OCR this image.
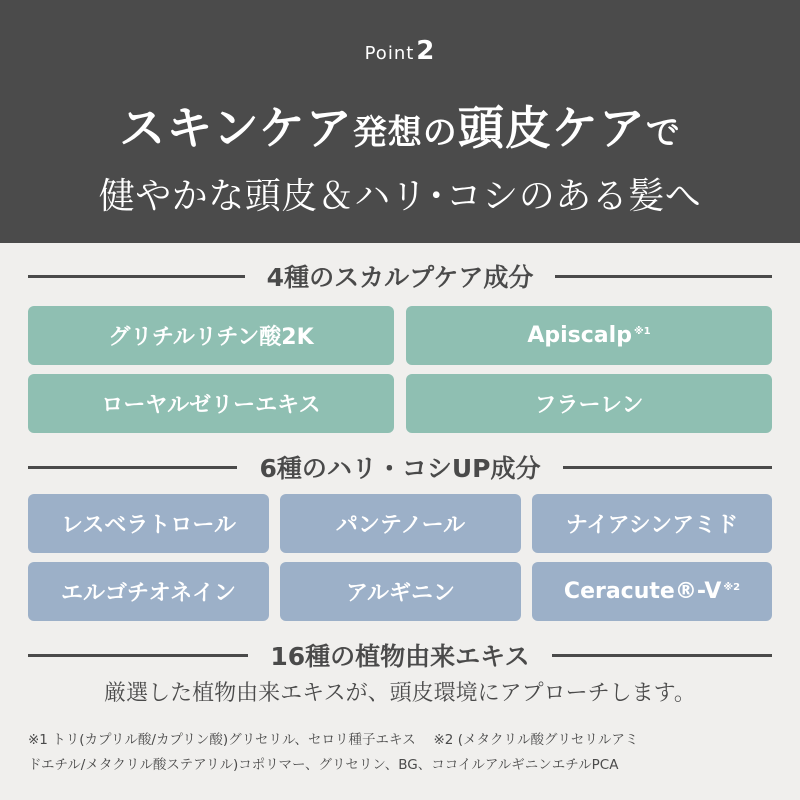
Point2
スキンケア発想の頭皮ケアで
健やかな頭皮＆ハリ･コシのある髪へ
4種のスカルプケア成分
グリチルリチン酸2K	Apiscalp$^{※1}$
ローヤルゼリーエキス	フラーレン
6種のハリ・コシUP成分
レスベラトロール	パンテノール	ナイアシンアミド
エルゴチオネイン	アルギニン	$Ceracute®-V^{※2}$
16種の植物由来エキス
厳選した植物由来エキスが、頭皮環境にアプローチします。
※1 トリ(カプリル酸/カプリン酸)グリセリル、セロリ種子エキス　 ※2 (メタクリル酸グリセリルアミ
ドエチル/メタクリル酸ステアリル)コポリマー、グリセリン、BG、ココイルアルギニンエチルPCA
